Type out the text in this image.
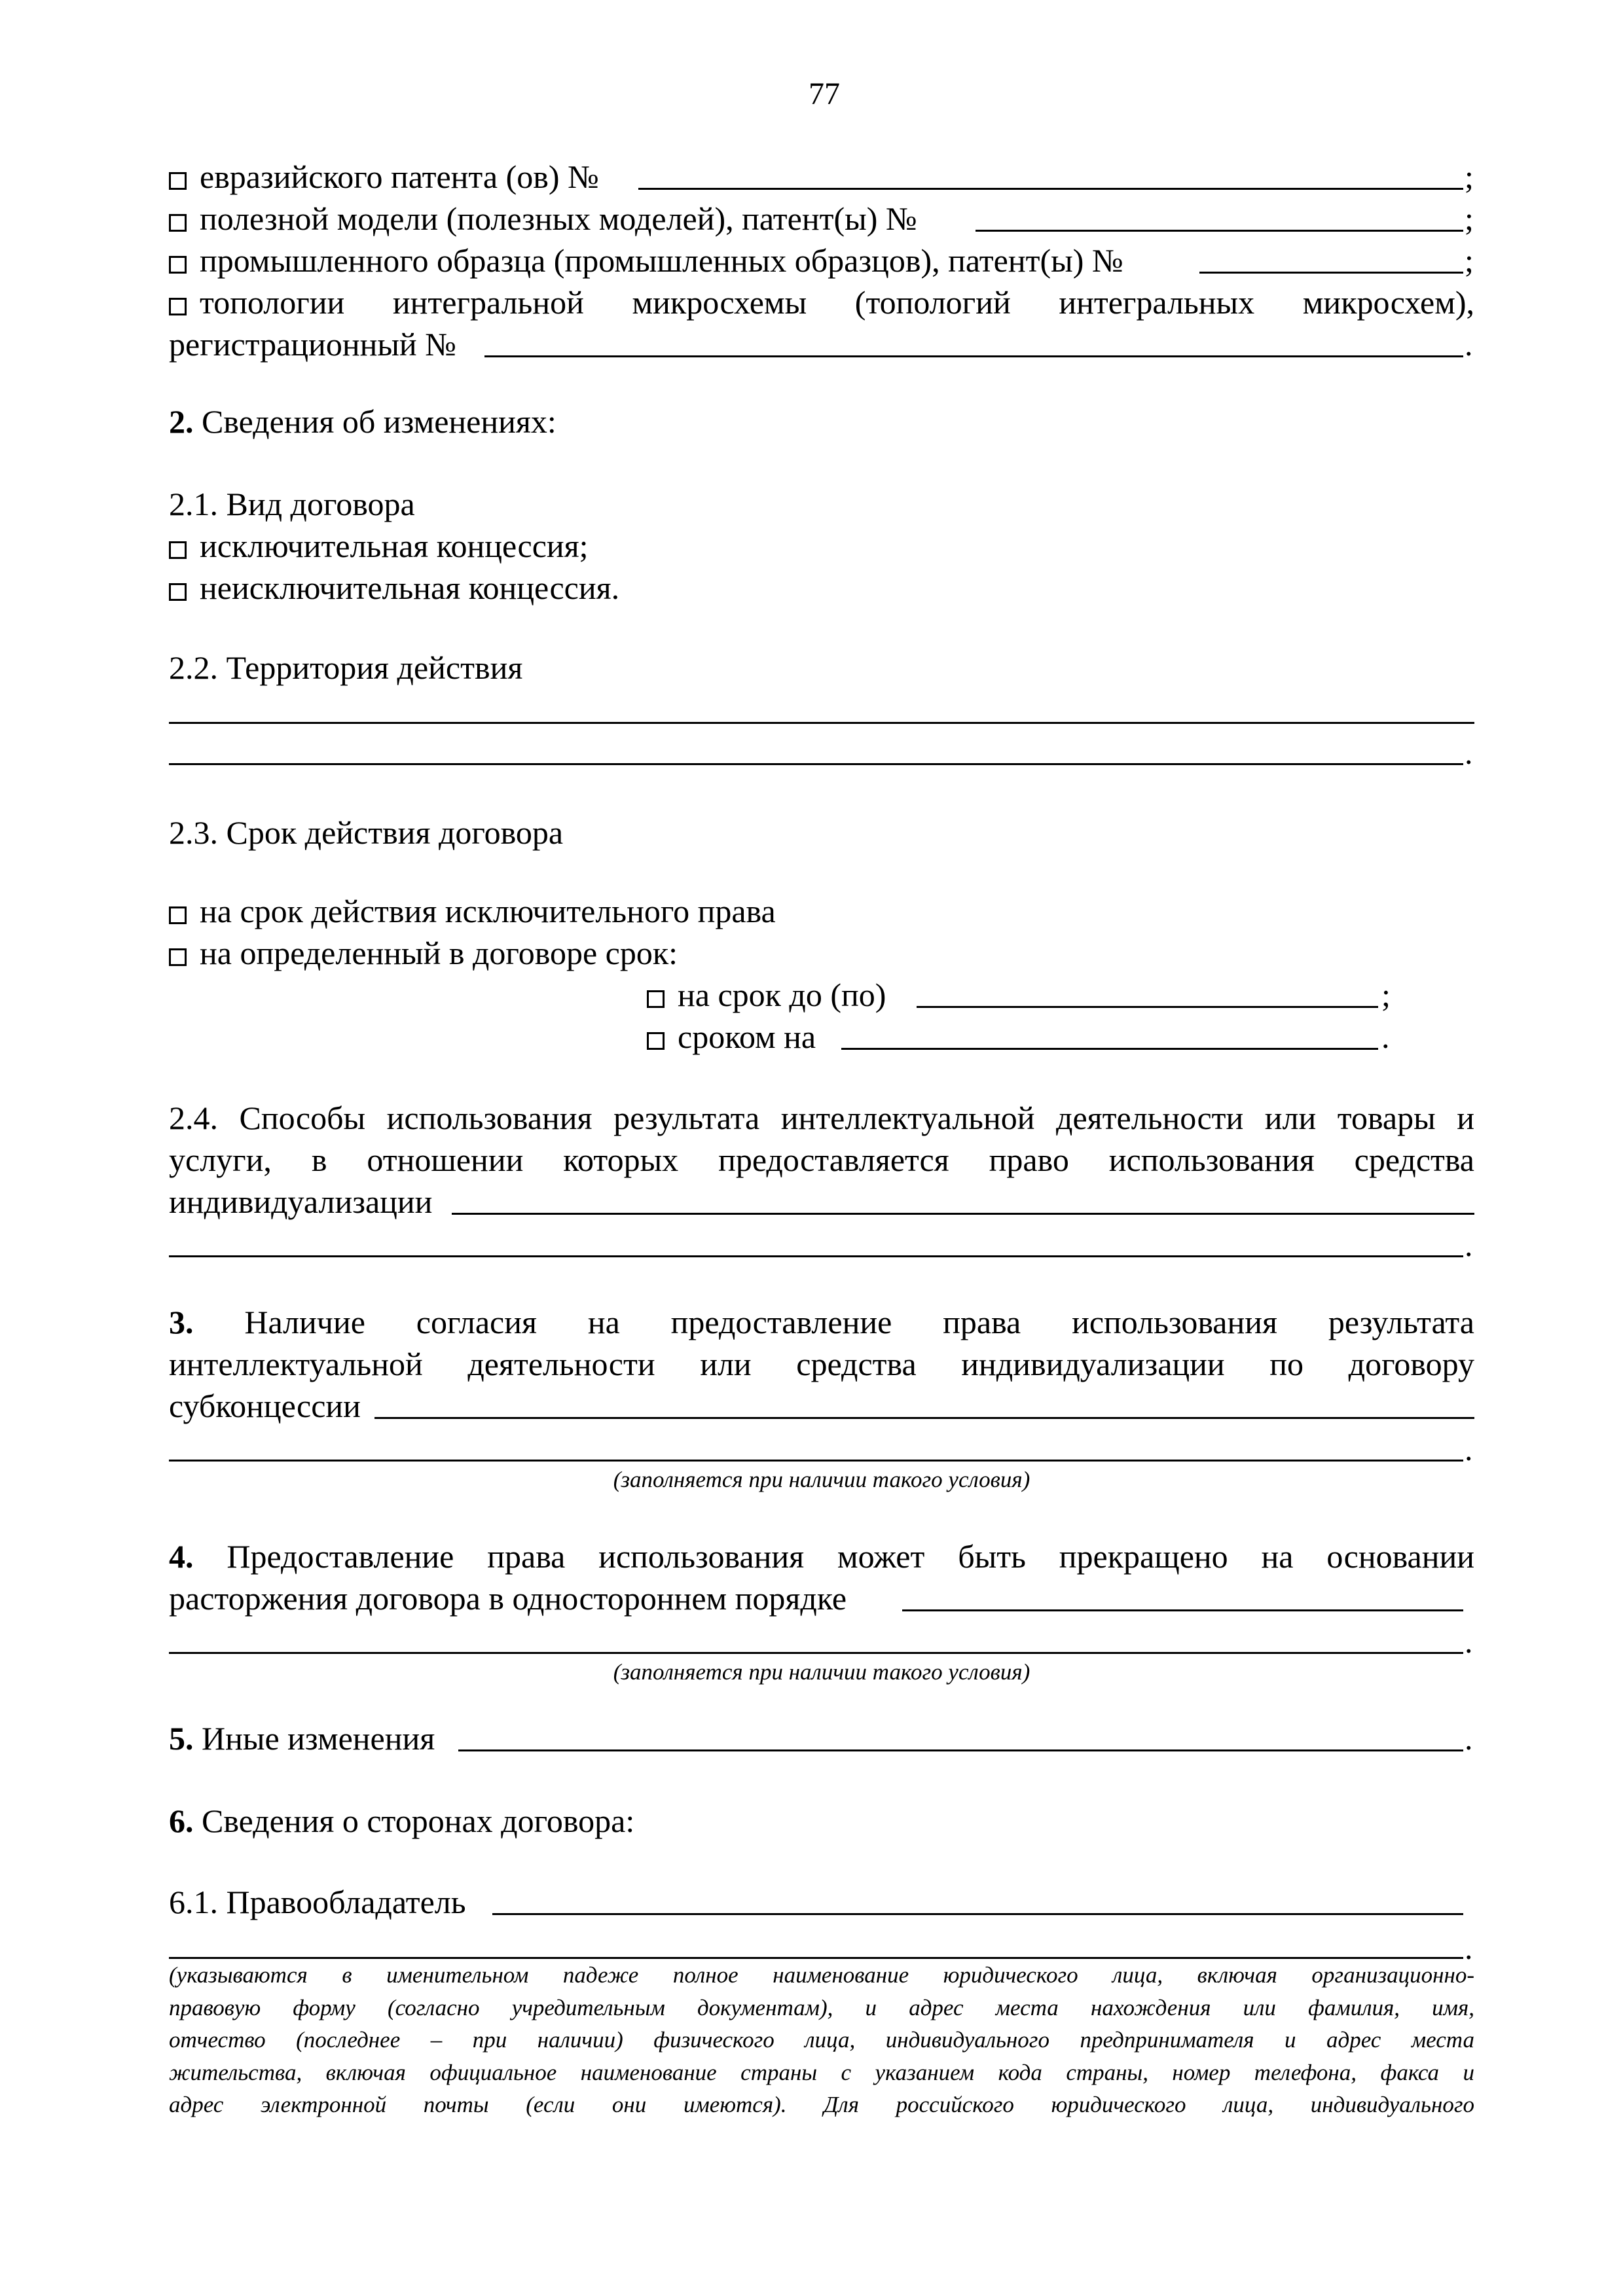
77
евразийского патента (ов) №	;
полезной модели (полезных моделей), патент(ы) №	;
промышленного образца (промышленных образцов), патент(ы) №	;
топологии интегральной микросхемы (топологий интегральных микросхем),
регистрационный №	.
2. Сведения об изменениях:
2.1. Вид договора
исключительная концессия;
неисключительная концессия.
2.2. Территория действия
.
2.3. Срок действия договора
на срок действия исключительного права
на определенный в договоре срок:
на срок до (по)	;
сроком на	.
2.4. Способы использования результата интеллектуальной деятельности или товары и
услуги, в отношении которых предоставляется право использования средства
индивидуализации
.
3. Наличие согласия на предоставление права использования результата
интеллектуальной деятельности или средства индивидуализации по договору
субконцессии
.
(заполняется при наличии такого условия)
4. Предоставление права использования может быть прекращено на основании
расторжения договора в одностороннем порядке
.
(заполняется при наличии такого условия)
5. Иные изменения	.
6. Сведения о сторонах договора:
6.1. Правообладатель
.
(указываются в именительном падеже полное наименование юридического лица, включая организационно-
правовую форму (согласно учредительным документам), и адрес места нахождения или фамилия, имя,
отчество (последнее – при наличии) физического лица, индивидуального предпринимателя и адрес места
жительства, включая официальное наименование страны с указанием кода страны, номер телефона, факса и
адрес электронной почты (если они имеются). Для российского юридического лица, индивидуального
